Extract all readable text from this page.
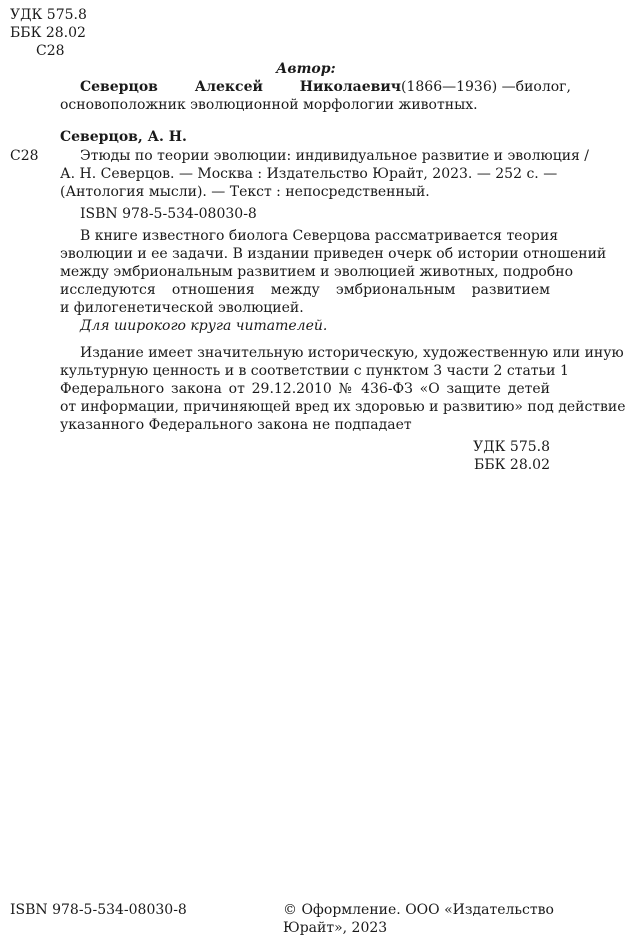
УДК 575.8
ББК 28.02
С28
Автор:
Северцов Алексей Николаевич (1866—1936) — биолог,
основоположник эволюционной морфологии животных.
Северцов, А. Н.
С28	Этюды по теории эволюции: индивидуальное развитие и эволюция /
А. Н. Северцов. — Москва : Издательство Юрайт, 2023. — 252 с. —
(Антология мысли). — Текст : непосредственный.
ISBN 978-5-534-08030-8
В книге известного биолога Северцова рассматривается теория
эволюции и ее задачи. В издании приведен очерк об истории отношений
между эмбриональным развитием и эволюцией животных, подробно
исследуются отношения между эмбриональным развитием
и филогенетической эволюцией.
Для широкого круга читателей.
Издание имеет значительную историческую, художественную или иную
культурную ценность и в соответствии с пунктом 3 части 2 статьи 1
Федерального закона от 29.12.2010 № 436-ФЗ «О защите детей
от информации, причиняющей вред их здоровью и развитию» под действие
указанного Федерального закона не подпадает
УДК 575.8
ББК 28.02
ISBN 978-5-534-08030-8	© Оформление. ООО «Издательство
Юрайт», 2023
